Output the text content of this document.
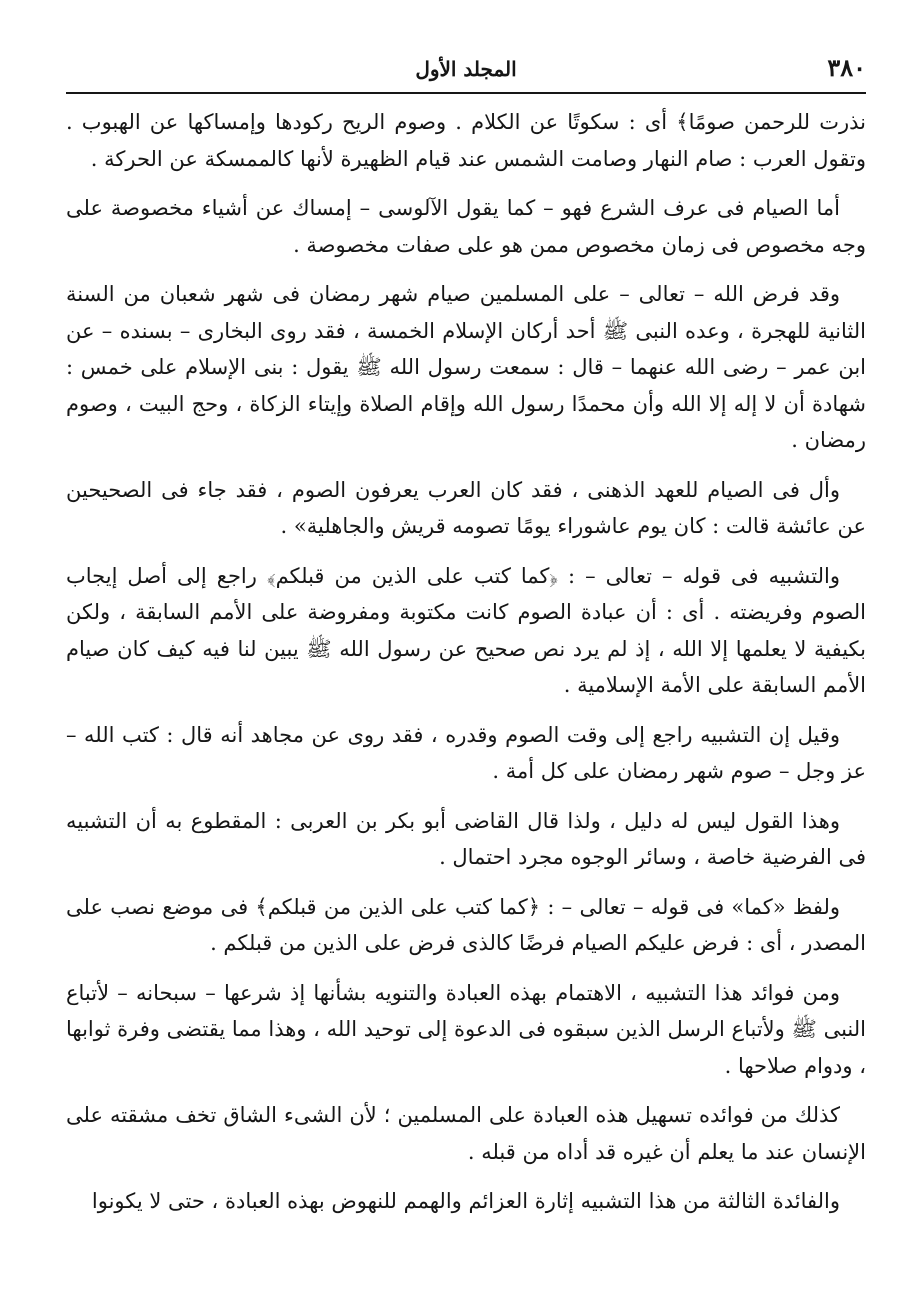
٣٨٠
المجلد الأول

نذرت للرحمن صومًا﴾ أى : سكوتًا عن الكلام . وصوم الريح ركودها وإمساكها عن الهبوب . وتقول العرب : صام النهار وصامت الشمس عند قيام الظهيرة لأنها كالممسكة عن الحركة .

أما الصيام فى عرف الشرع فهو – كما يقول الآلوسى – إمساك عن أشياء مخصوصة على وجه مخصوص فى زمان مخصوص ممن هو على صفات مخصوصة .

وقد فرض الله – تعالى – على المسلمين صيام شهر رمضان فى شهر شعبان من السنة الثانية للهجرة ، وعده النبى ﷺ أحد أركان الإسلام الخمسة ، فقد روى البخارى – بسنده – عن ابن عمر – رضى الله عنهما – قال : سمعت رسول الله ﷺ يقول : بنى الإسلام على خمس : شهادة أن لا إله إلا الله وأن محمدًا رسول الله وإقام الصلاة وإيتاء الزكاة ، وحج البيت ، وصوم رمضان .

وأل فى الصيام للعهد الذهنى ، فقد كان العرب يعرفون الصوم ، فقد جاء فى الصحيحين عن عائشة قالت : كان يوم عاشوراء يومًا تصومه قريش والجاهلية» .

والتشبيه فى قوله – تعالى – : ﴿كما كتب على الذين من قبلكم﴾ راجع إلى أصل إيجاب الصوم وفريضته . أى : أن عبادة الصوم كانت مكتوبة ومفروضة على الأمم السابقة ، ولكن بكيفية لا يعلمها إلا الله ، إذ لم يرد نص صحيح عن رسول الله ﷺ يبين لنا فيه كيف كان صيام الأمم السابقة على الأمة الإسلامية .

وقيل إن التشبيه راجع إلى وقت الصوم وقدره ، فقد روى عن مجاهد أنه قال : كتب الله – عز وجل – صوم شهر رمضان على كل أمة .

وهذا القول ليس له دليل ، ولذا قال القاضى أبو بكر بن العربى : المقطوع به أن التشبيه فى الفرضية خاصة ، وسائر الوجوه مجرد احتمال .

ولفظ «كما» فى قوله – تعالى – : ﴿كما كتب على الذين من قبلكم﴾ فى موضع نصب على المصدر ، أى : فرض عليكم الصيام فرضًا كالذى فرض على الذين من قبلكم .

ومن فوائد هذا التشبيه ، الاهتمام بهذه العبادة والتنويه بشأنها إذ شرعها – سبحانه – لأتباع النبى ﷺ ولأتباع الرسل الذين سبقوه فى الدعوة إلى توحيد الله ، وهذا مما يقتضى وفرة ثوابها ، ودوام صلاحها .

كذلك من فوائده تسهيل هذه العبادة على المسلمين ؛ لأن الشىء الشاق تخف مشقته على الإنسان عند ما يعلم أن غيره قد أداه من قبله .

والفائدة الثالثة من هذا التشبيه إثارة العزائم والهمم للنهوض بهذه العبادة ، حتى لا يكونوا
